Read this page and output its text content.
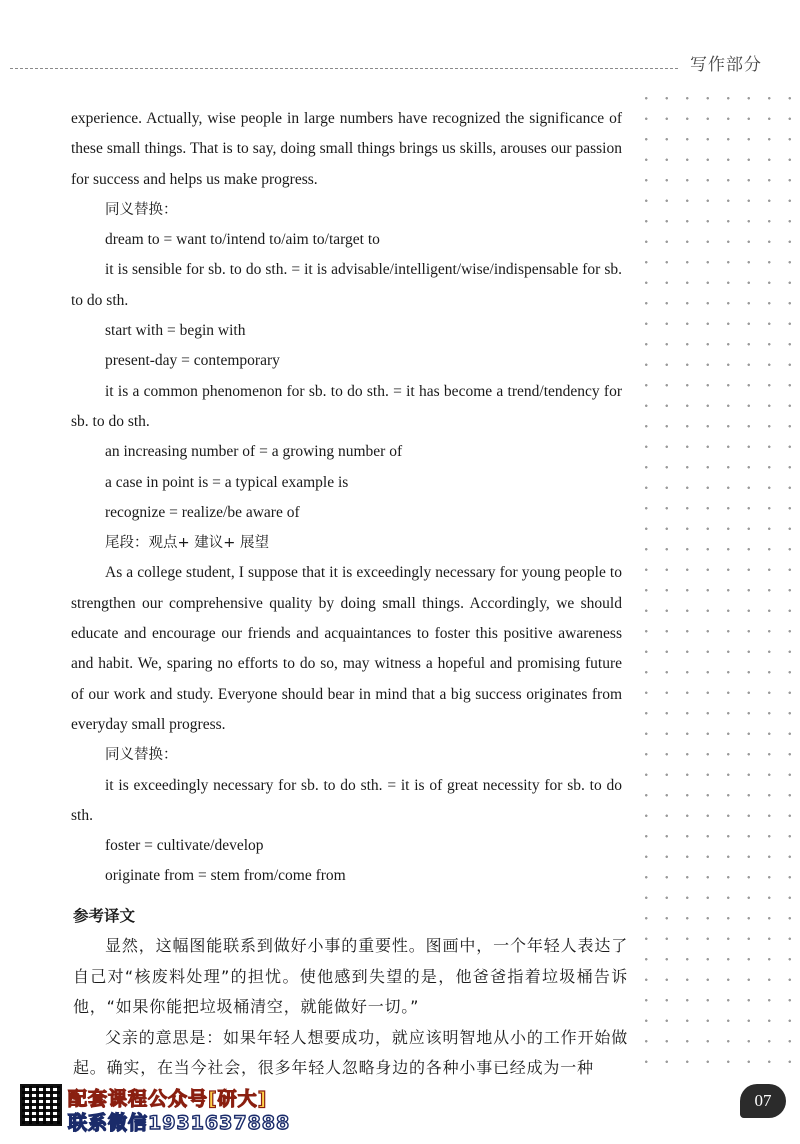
写作部分

experience. Actually, wise people in large numbers have recognized the significance of these small things. That is to say, doing small things brings us skills, arouses our passion for success and helps us make progress.

同义替换：

dream to = want to/intend to/aim to/target to

it is sensible for sb. to do sth. = it is advisable/intelligent/wise/indispensable for sb. to do sth.

start with = begin with

present-day = contemporary

it is a common phenomenon for sb. to do sth. = it has become a trend/tendency for sb. to do sth.

an increasing number of = a growing number of

a case in point is = a typical example is

recognize = realize/be aware of

尾段：观点+ 建议+ 展望

As a college student, I suppose that it is exceedingly necessary for young people to strengthen our comprehensive quality by doing small things. Accordingly, we should educate and encourage our friends and acquaintances to foster this positive awareness and habit. We, sparing no efforts to do so, may witness a hopeful and promising future of our work and study. Everyone should bear in mind that a big success originates from everyday small progress.

同义替换：

it is exceedingly necessary for sb. to do sth. = it is of great necessity for sb. to do sth.

foster = cultivate/develop

originate from = stem from/come from

参考译文

显然，这幅图能联系到做好小事的重要性。图画中，一个年轻人表达了自己对“核废料处理”的担忧。使他感到失望的是，他爸爸指着垃圾桶告诉他，“如果你能把垃圾桶清空，就能做好一切。”

父亲的意思是：如果年轻人想要成功，就应该明智地从小的工作开始做起。确实，在当今社会，很多年轻人忽略身边的各种小事已经成为一种

配套课程公众号[研大]
联系微信1931637888
07
